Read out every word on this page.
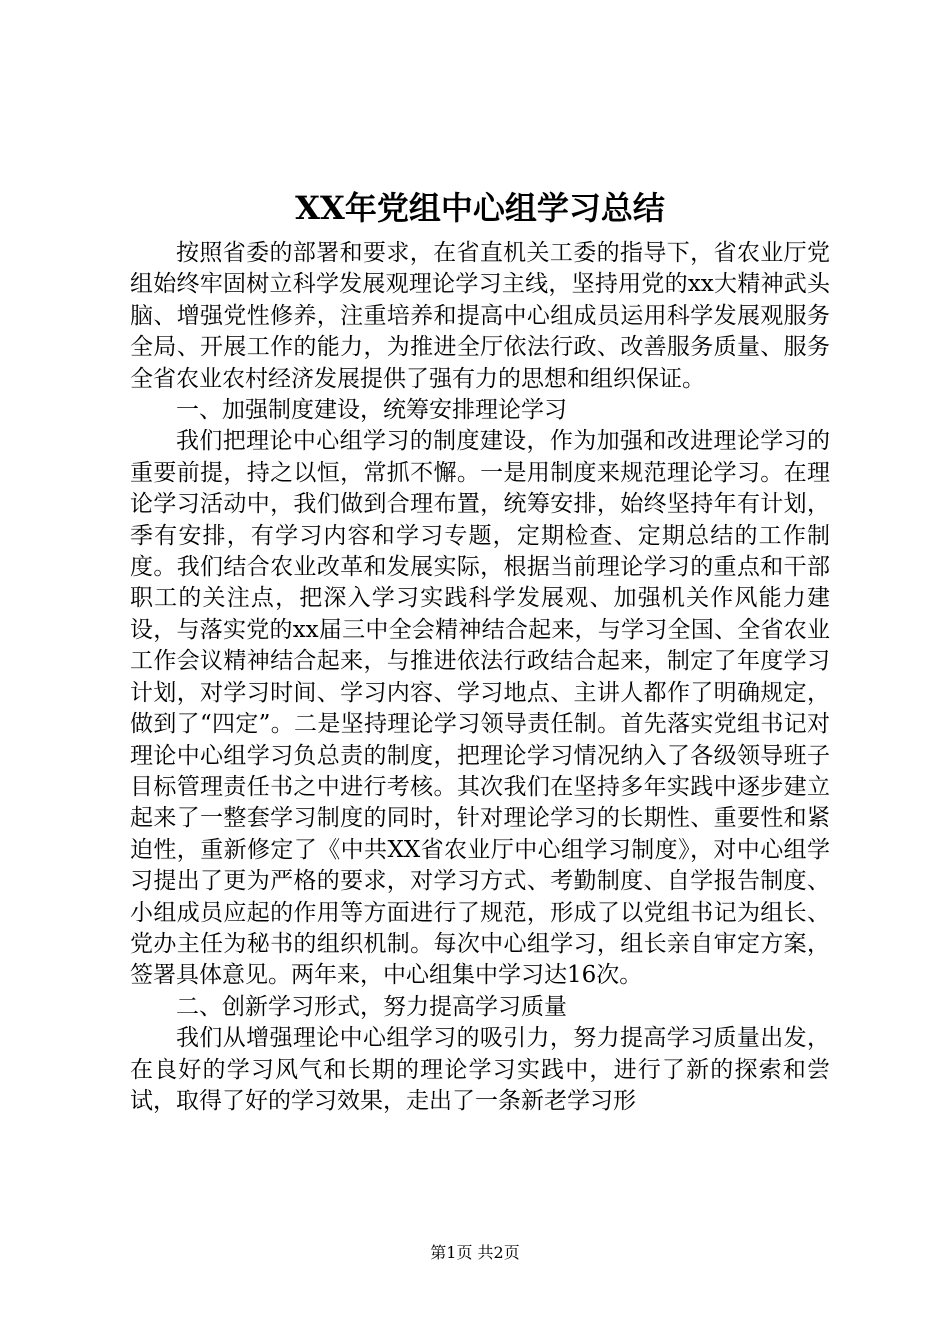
XX年党组中心组学习总结

按照省委的部署和要求，在省直机关工委的指导下，省农业厅党组始终牢固树立科学发展观理论学习主线，坚持用党的xx大精神武头脑、增强党性修养，注重培养和提高中心组成员运用科学发展观服务全局、开展工作的能力，为推进全厅依法行政、改善服务质量、服务全省农业农村经济发展提供了强有力的思想和组织保证。

一、加强制度建设，统筹安排理论学习

我们把理论中心组学习的制度建设，作为加强和改进理论学习的重要前提，持之以恒，常抓不懈。一是用制度来规范理论学习。在理论学习活动中，我们做到合理布置，统筹安排，始终坚持年有计划，季有安排，有学习内容和学习专题，定期检查、定期总结的工作制度。我们结合农业改革和发展实际，根据当前理论学习的重点和干部职工的关注点，把深入学习实践科学发展观、加强机关作风能力建设，与落实党的xx届三中全会精神结合起来，与学习全国、全省农业工作会议精神结合起来，与推进依法行政结合起来，制定了年度学习计划，对学习时间、学习内容、学习地点、主讲人都作了明确规定，做到了“四定”。二是坚持理论学习领导责任制。首先落实党组书记对理论中心组学习负总责的制度，把理论学习情况纳入了各级领导班子目标管理责任书之中进行考核。其次我们在坚持多年实践中逐步建立起来了一整套学习制度的同时，针对理论学习的长期性、重要性和紧迫性，重新修定了《中共XX省农业厅中心组学习制度》，对中心组学习提出了更为严格的要求，对学习方式、考勤制度、自学报告制度、小组成员应起的作用等方面进行了规范，形成了以党组书记为组长、党办主任为秘书的组织机制。每次中心组学习，组长亲自审定方案，签署具体意见。两年来，中心组集中学习达16次。

二、创新学习形式，努力提高学习质量

我们从增强理论中心组学习的吸引力，努力提高学习质量出发，在良好的学习风气和长期的理论学习实践中，进行了新的探索和尝试，取得了好的学习效果，走出了一条新老学习形

第1页 共2页
